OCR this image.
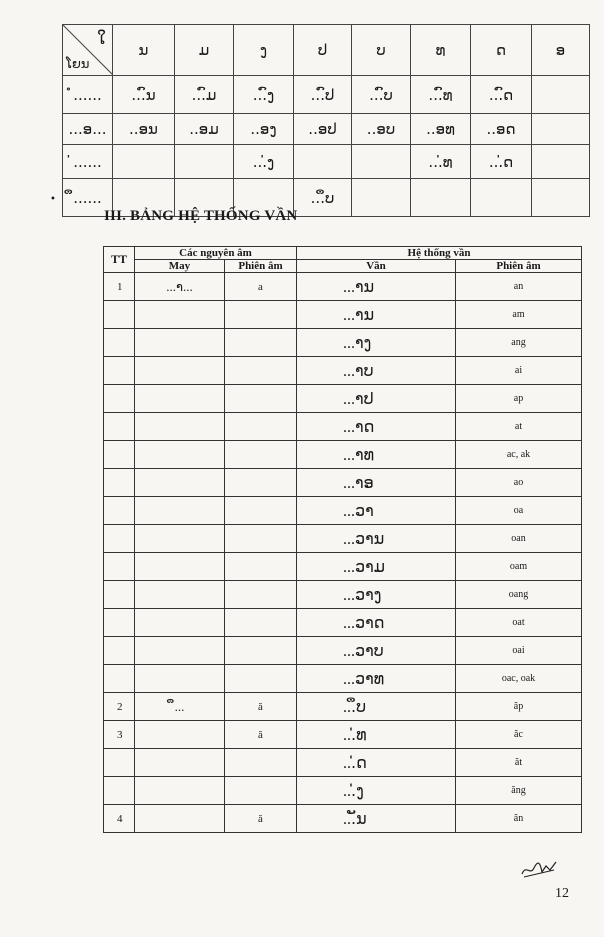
ໃ
ໂຍນ	ນ	ມ	ງ	ປ	ບ	ທ	ດ	ອ
ໍ......	...ົນ	...ົມ	...ົງ	...ົປ	...ົບ	...ົທ	...ົດ	
...ອ...	..ອນ	..ອມ	..ອງ	..ອປ	..ອບ	..ອທ	..ອດ	
່......			...່ງ			...່ທ	...່ດ	
ຶ......				...ຶບ				
•
III. BẢNG HỆ THỐNG VẦN
TT	Các nguyên âm		Hệ thống vần	
	May	Phiên âm	Vần	Phiên âm
1	...າ...	a	...ານ	an
			...ານ	am
			...າງ	ang
			...າບ	ai
			...າປ	ap
			...າດ	at
			...າທ	ac, ak
			...າອ	ao
			...ວາ	oa
			...ວານ	oan
			...ວາມ	oam
			...ວາງ	oang
			...ວາດ	oat
			...ວາບ	oai
			...ວາທ	oac, oak
2	ຶ...	ă	...ຶບ	ăp
3		ă	...່ທ	ăc
			...່ດ	ăt
			...່ງ	ăng
4		ă	...ັນ	ăn
12
